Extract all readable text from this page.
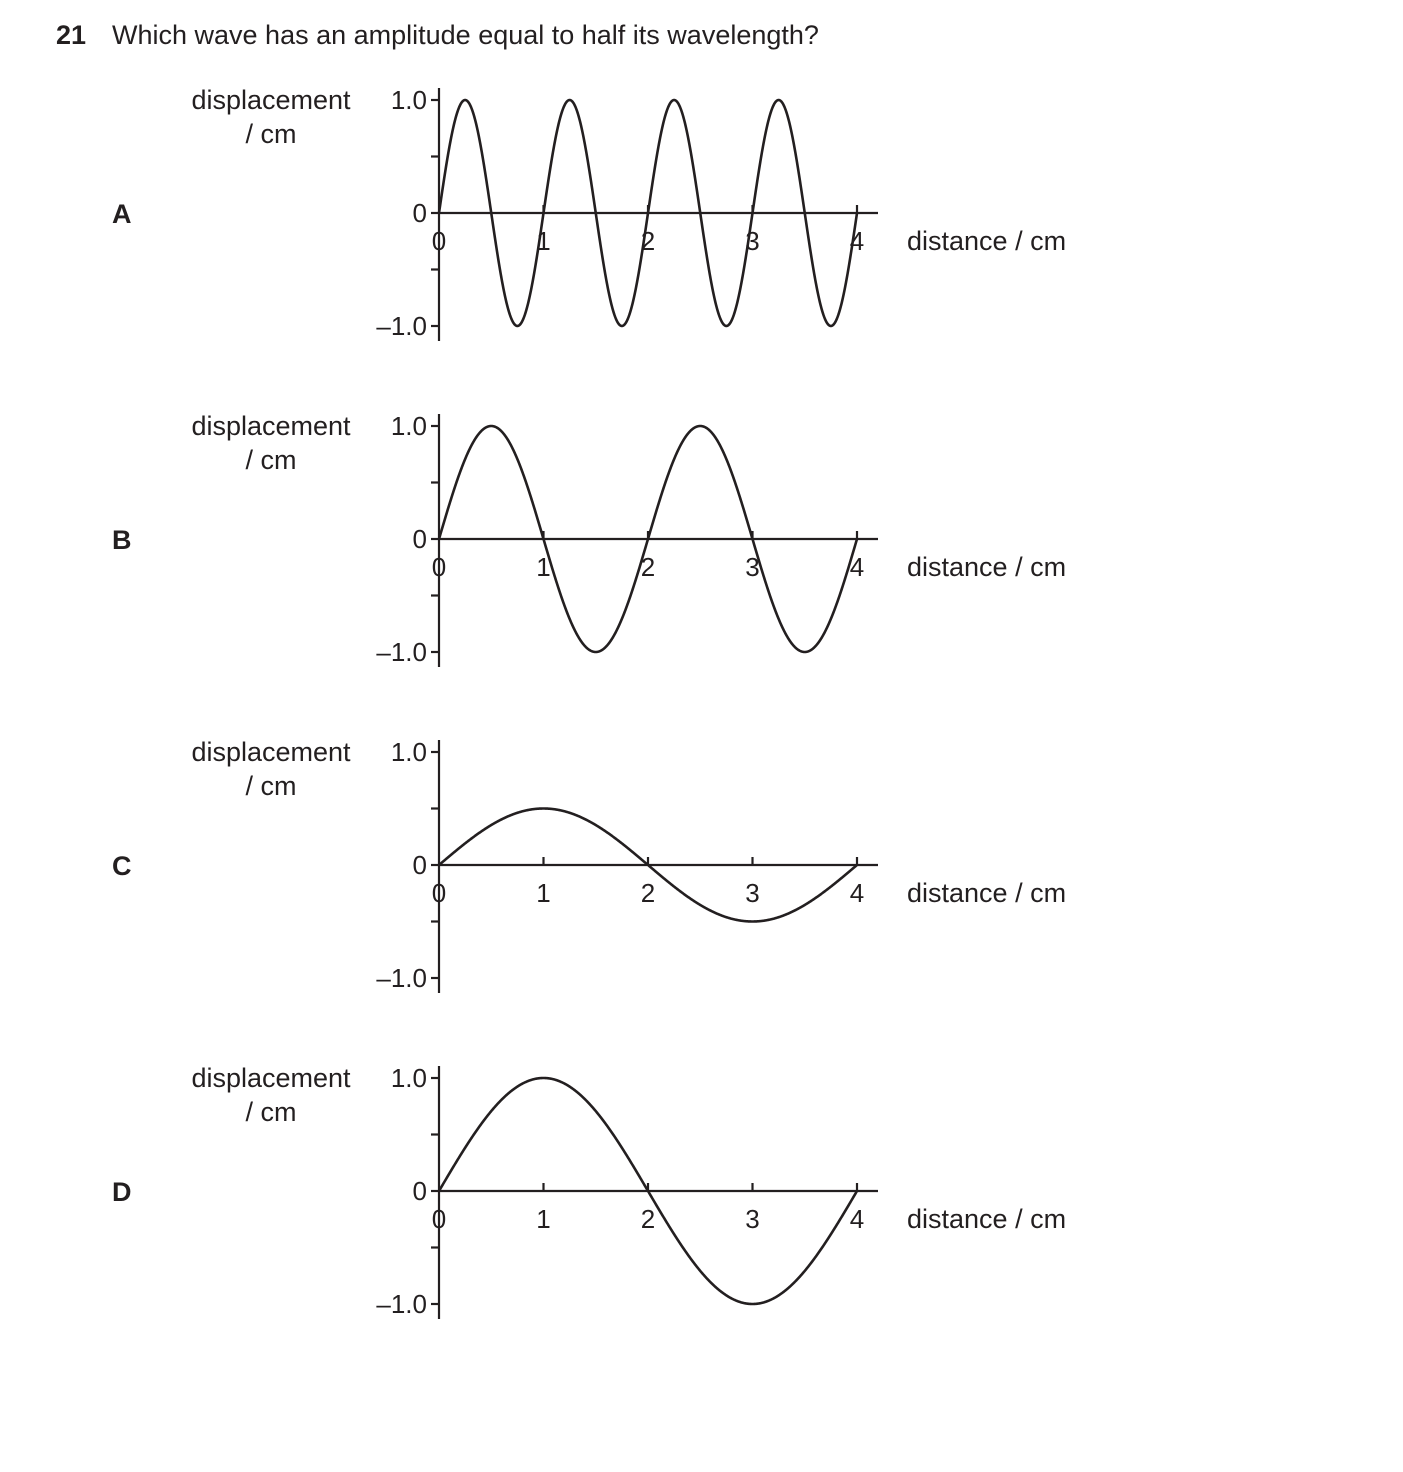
21 Which wave has an amplitude equal to half its wavelength?
A
displacement
/ cm
1.0
0
–1.0
0	1	2	3	4 distance / cm
B
displacement
/ cm
1.0
0
–1.0
0	1	2	3	4 distance / cm
C
displacement
/ cm
1.0
0
–1.0
0	1	2	3	4 distance / cm
D
displacement
/ cm
1.0
0
–1.0
0	1	2	3	4 distance / cm
